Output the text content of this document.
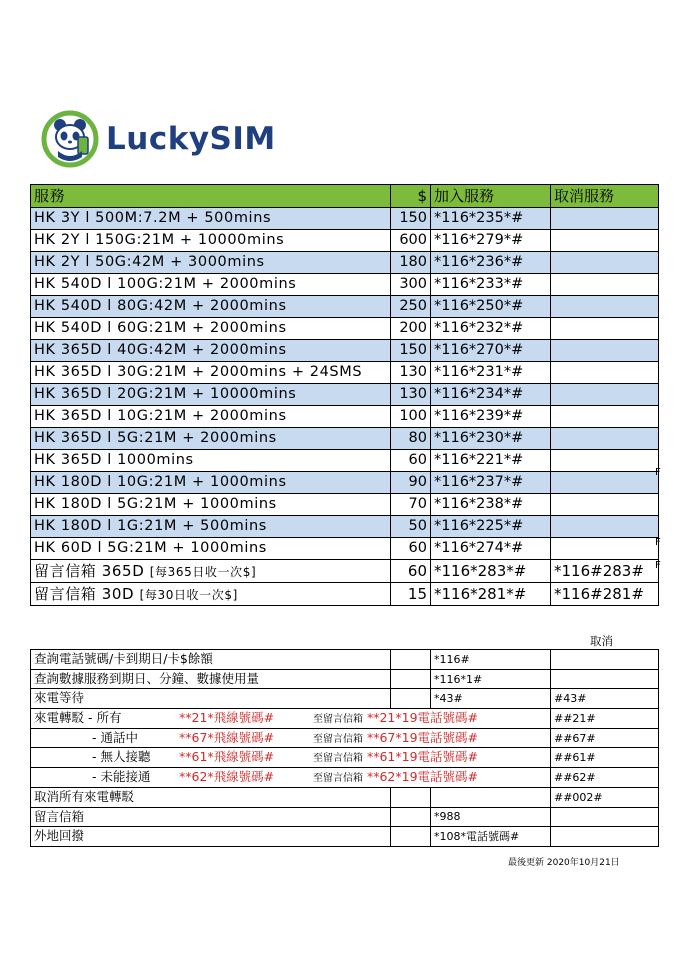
LuckySIM
服務	$	加入服務	取消服務
HK 3Y l 500M:7.2M + 500mins	150	*116*235*#	
HK 2Y l 150G:21M + 10000mins	600	*116*279*#	
HK 2Y l 50G:42M + 3000mins	180	*116*236*#	
HK 540D l 100G:21M + 2000mins	300	*116*233*#	
HK 540D l 80G:42M + 2000mins	250	*116*250*#	
HK 540D l 60G:21M + 2000mins	200	*116*232*#	
HK 365D l 40G:42M + 2000mins	150	*116*270*#	
HK 365D l 30G:21M + 2000mins + 24SMS	130	*116*231*#	
HK 365D l 20G:21M + 10000mins	130	*116*234*#	
HK 365D l 10G:21M + 2000mins	100	*116*239*#	
HK 365D l 5G:21M + 2000mins	80	*116*230*#	
HK 365D l 1000mins	60	*116*221*#	
HK 180D l 10G:21M + 1000mins	90	*116*237*#	
HK 180D l 5G:21M + 1000mins	70	*116*238*#	
HK 180D l 1G:21M + 500mins	50	*116*225*#	
HK 60D l 5G:21M + 1000mins	60	*116*274*#	
留言信箱 365D [每365日收一次$]	60	*116*283*#	*116#283#
留言信箱 30D [每30日收一次$]	15	*116*281*#	*116#281#
F
F
F
取消
查詢電話號碼/卡到期日/卡$餘額		*116#	
查詢數據服務到期日、分鐘、數據使用量		*116*1#	
來電等待		*43#	#43#
來電轉駁 - 所有 **21*飛線號碼# 至留言信箱 **21*19電話號碼#			##21#
- 通話中 **67*飛線號碼# 至留言信箱 **67*19電話號碼#			##67#
- 無人接聽 **61*飛線號碼# 至留言信箱 **61*19電話號碼#			##61#
- 未能接通 **62*飛線號碼# 至留言信箱 **62*19電話號碼#			##62#
取消所有來電轉駁			##002#
留言信箱		*988	
外地回撥		*108*電話號碼#	
最後更新 2020年10月21日
